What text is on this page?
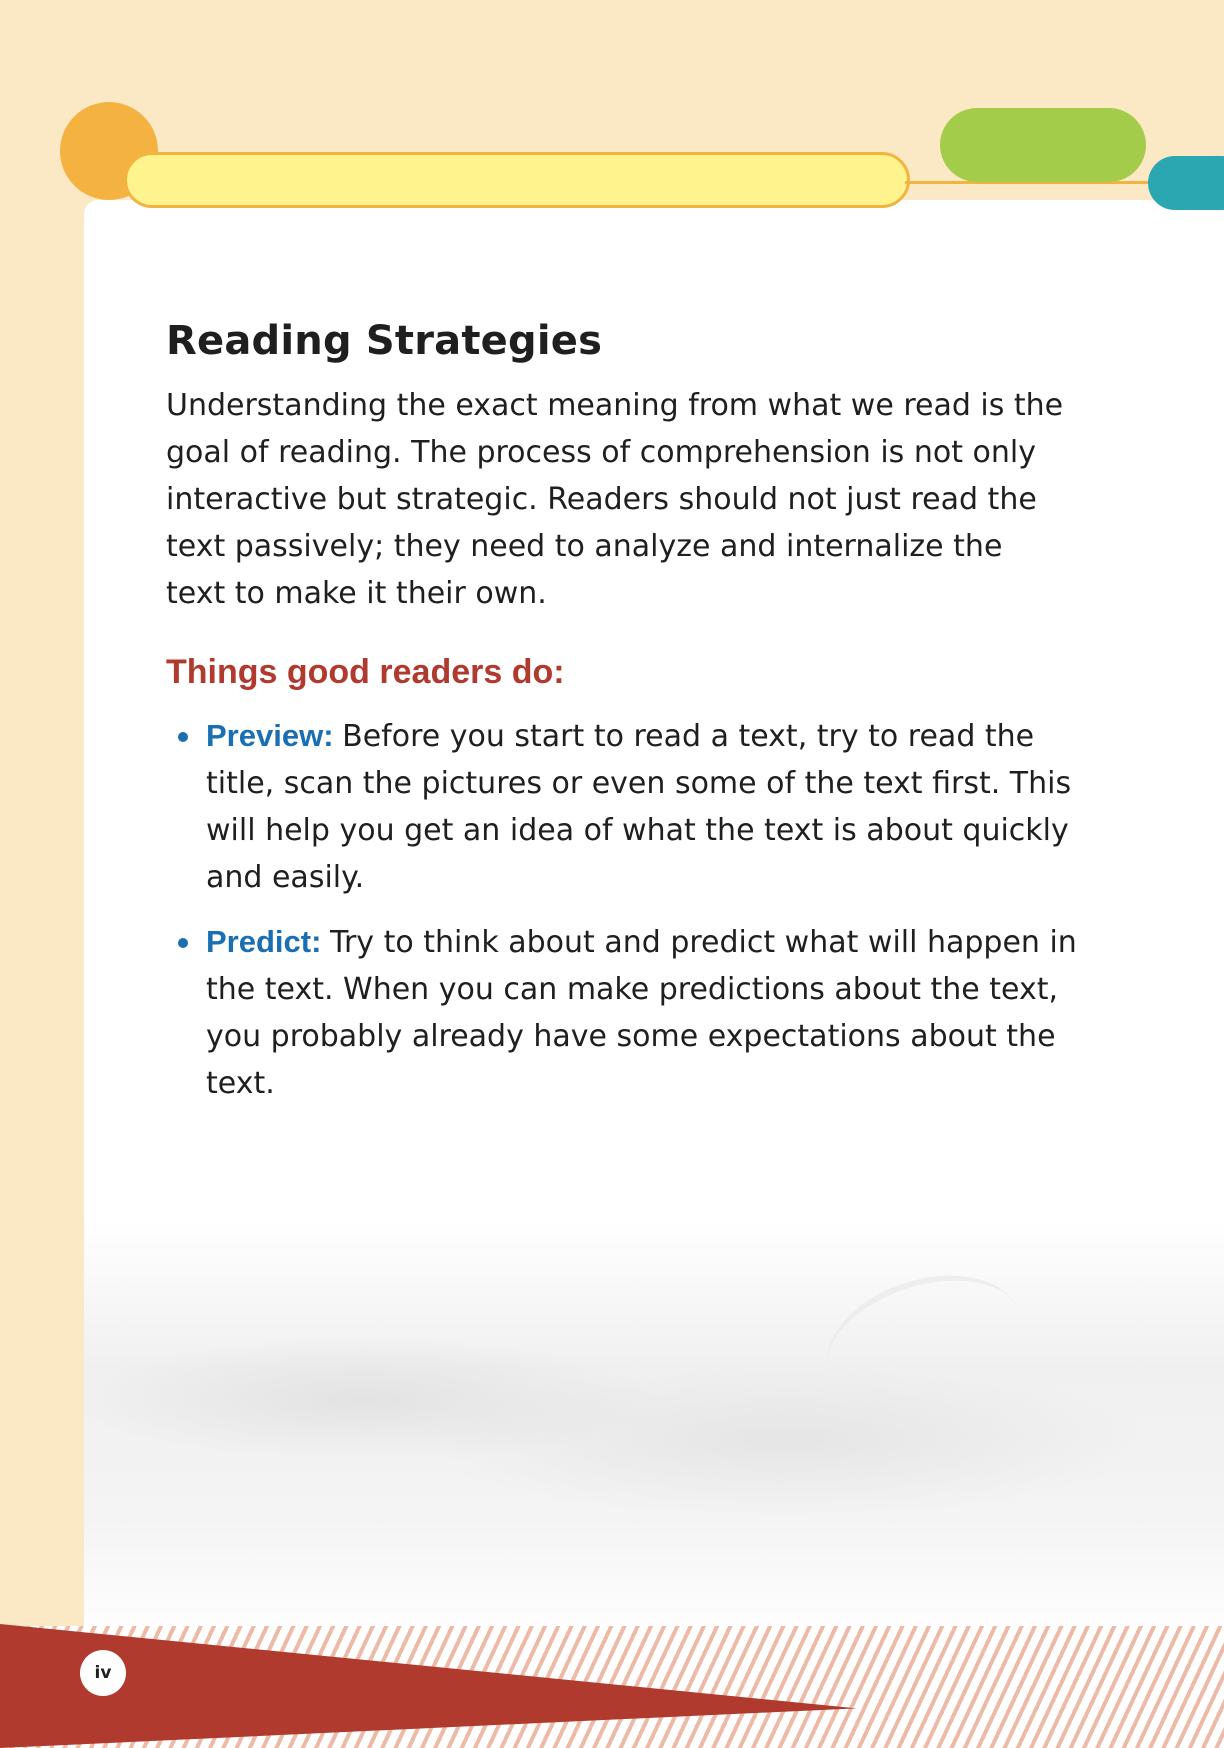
Reading Strategies

Understanding the exact meaning from what we read is the goal of reading. The process of comprehension is not only interactive but strategic. Readers should not just read the text passively; they need to analyze and internalize the text to make it their own.

Things good readers do:
Preview: Before you start to read a text, try to read the title, scan the pictures or even some of the text first. This will help you get an idea of what the text is about quickly and easily.
Predict: Try to think about and predict what will happen in the text. When you can make predictions about the text, you probably already have some expectations about the text.
iv
